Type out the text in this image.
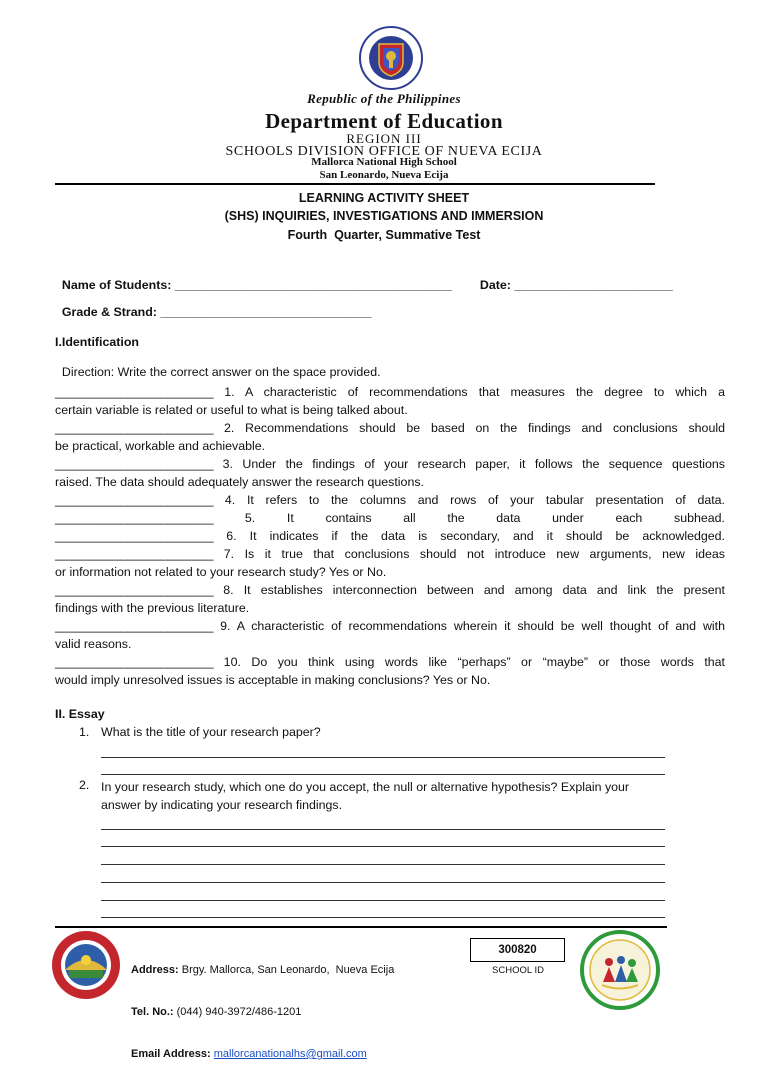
Republic of the Philippines
Department of Education
REGION III
SCHOOLS DIVISION OFFICE OF NUEVA ECIJA
Mallorca National High School
San Leonardo, Nueva Ecija
LEARNING ACTIVITY SHEET
(SHS) INQUIRIES, INVESTIGATIONS AND IMMERSION
Fourth  Quarter, Summative Test

Name of Students: __________________________________________	Date: ________________________

Grade & Strand: ________________________________

I.Identification

Direction: Write the correct answer on the space provided.

________________________ 1. A characteristic of recommendations that measures the degree to which a
certain variable is related or useful to what is being talked about.
________________________ 2. Recommendations should be based on the findings and conclusions should
be practical, workable and achievable.
________________________ 3. Under the findings of your research paper, it follows the sequence questions
raised. The data should adequately answer the research questions.
________________________ 4. It refers to the columns and rows of your tabular presentation of data.
________________________ 5. It contains all the data under each subhead.
________________________ 6. It indicates if the data is secondary, and it should be acknowledged.
________________________ 7. Is it true that conclusions should not introduce new arguments, new ideas
or information not related to your research study? Yes or No.
________________________ 8. It establishes interconnection between and among data and link the present
findings with the previous literature.
________________________ 9. A characteristic of recommendations wherein it should be well thought of and with
valid reasons.
________________________ 10. Do you think using words like “perhaps” or “maybe” or those words that
would imply unresolved issues is acceptable in making conclusions? Yes or No.
II. Essay
1. What is the title of your research paper?
2. In your research study, which one do you accept, the null or alternative hypothesis? Explain your
answer by indicating your research findings.

Address: Brgy. Mallorca, San Leonardo,  Nueva Ecija

Tel. No.: (044) 940-3972/486-1201

Email Address: mallorcanationalhs@gmail.com

300820
SCHOOL ID
